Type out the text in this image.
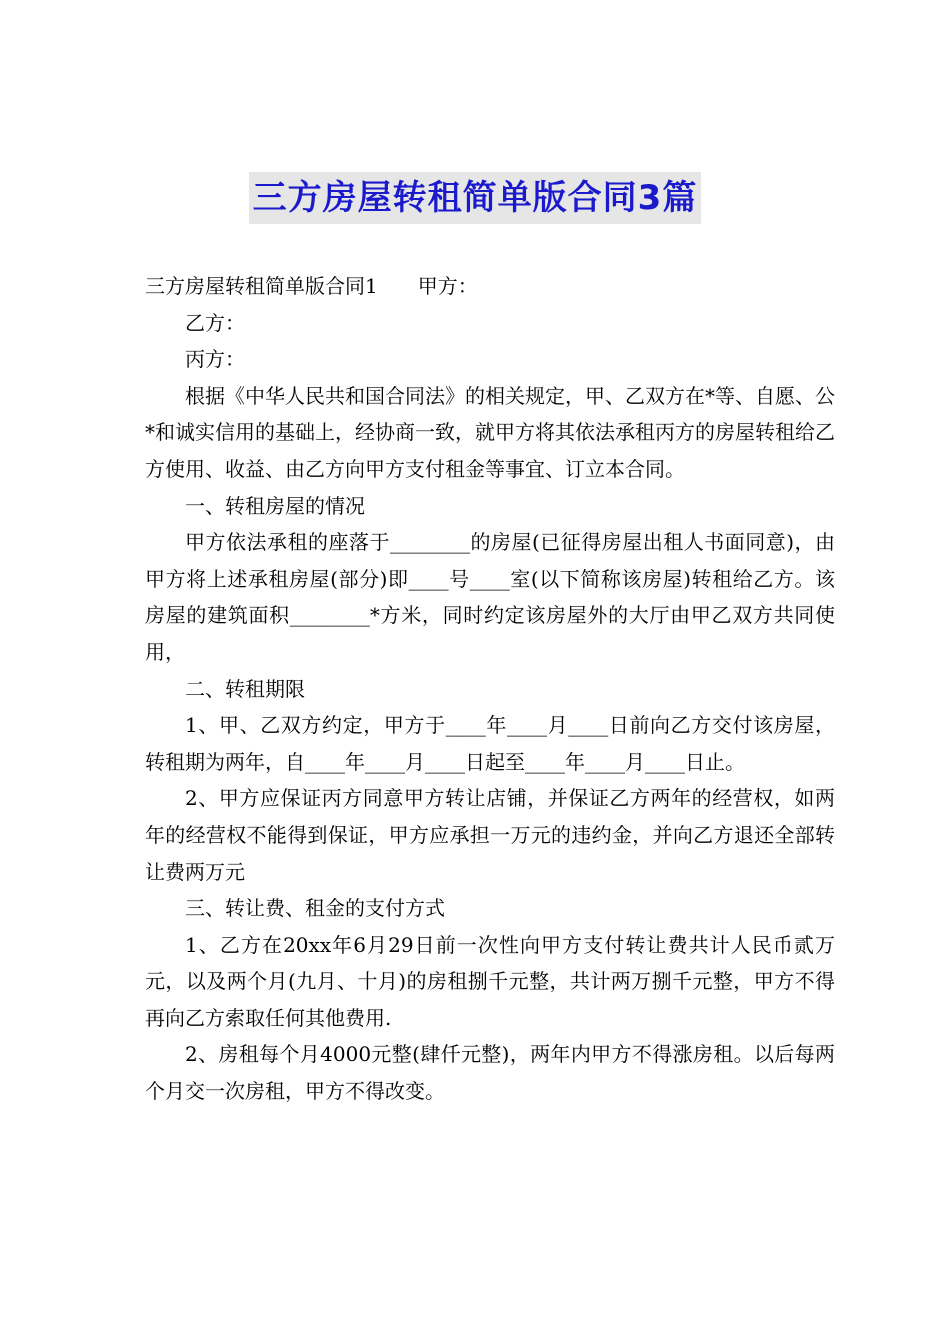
三方房屋转租简单版合同3篇

三方房屋转租简单版合同1　　甲方：

乙方：

丙方：

根据《中华人民共和国合同法》的相关规定，甲、乙双方在*等、自愿、公*和诚实信用的基础上，经协商一致，就甲方将其依法承租丙方的房屋转租给乙方使用、收益、由乙方向甲方支付租金等事宜、订立本合同。

一、转租房屋的情况

甲方依法承租的座落于________的房屋(已征得房屋出租人书面同意)，由甲方将上述承租房屋(部分)即____号____室(以下简称该房屋)转租给乙方。该房屋的建筑面积________*方米，同时约定该房屋外的大厅由甲乙双方共同使用，

二、转租期限

1、甲、乙双方约定，甲方于____年____月____日前向乙方交付该房屋，转租期为两年，自____年____月____日起至____年____月____日止。

2、甲方应保证丙方同意甲方转让店铺，并保证乙方两年的经营权，如两年的经营权不能得到保证，甲方应承担一万元的违约金，并向乙方退还全部转让费两万元

三、转让费、租金的支付方式

1、乙方在20xx年6月29日前一次性向甲方支付转让费共计人民币贰万元，以及两个月(九月、十月)的房租捌千元整，共计两万捌千元整，甲方不得再向乙方索取任何其他费用.

2、房租每个月4000元整(肆仟元整)，两年内甲方不得涨房租。以后每两个月交一次房租，甲方不得改变。
